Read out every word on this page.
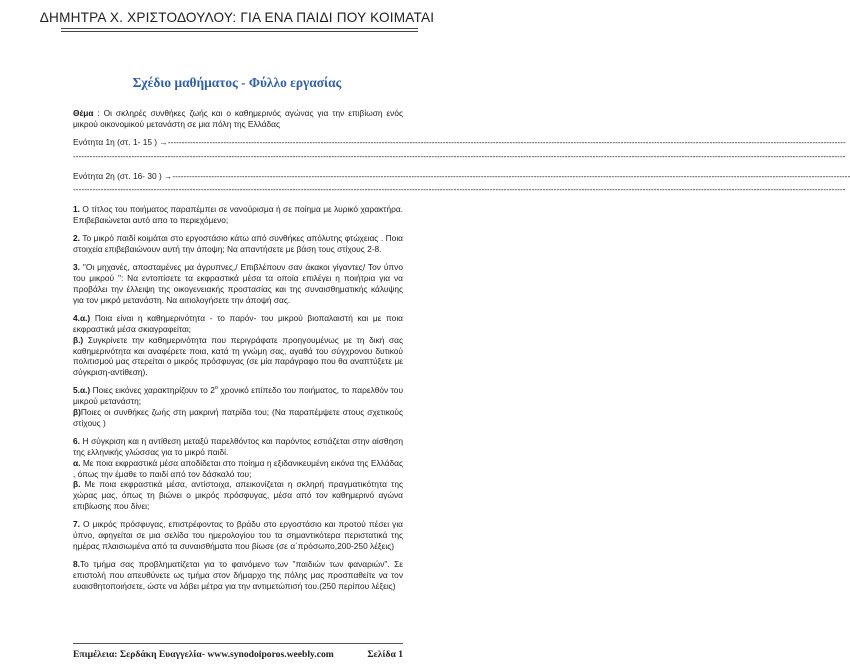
ΔΗΜΗΤΡΑ Χ. ΧΡΙΣΤΟΔΟΥΛΟΥ: ΓΙΑ ΕΝΑ ΠΑΙΔΙ ΠΟΥ ΚΟΙΜΑΤΑΙ
Σχέδιο μαθήματος - Φύλλο εργασίας

Θέμα : Οι σκληρές συνθήκες ζωής και ο καθημερινός αγώνας για την επιβίωση ενός μικρού οικονομικού μετανάστη σε μια πόλη της Ελλάδας

Ενότητα 1η (στ. 1- 15 ) →----------------------------------------------------------------------------------------------------------------------------------------------------------------------------------------------------------------------------------------------------
--------------------------------------------------------------------------------------------------------------------------------------------------------------------------------------------------------------------------------------------------------------------------------------
Ενότητα 2η (στ. 16- 30 ) →----------------------------------------------------------------------------------------------------------------------------------------------------------------------------------------------------------------------------------------------------
--------------------------------------------------------------------------------------------------------------------------------------------------------------------------------------------------------------------------------------------------------------------------------------

1. Ο τίτλος του ποιήματος παραπέμπει σε νανούρισμα ή σε ποίημα με λυρικό χαρακτήρα. Επιβεβαιώνεται αυτό απο το περιεχόμενο;

2. Το μικρό παιδί κοιμάται στο εργοστάσιο κάτω από συνθήκες απόλυτης φτώχειας . Ποια στοιχεία επιβεβαιώνουν αυτή την άποψη; Να απαντήσετε με βάση τους στίχους 2-8.

3. "Οι μηχανές, αποσταμένες μα άγρυπνες,/ Επιβλέπουν σαν άκακοι γίγαντες/ Τον ύπνο του μικρού ": Να εντοπίσετε τα εκφραστικά μέσα τα οποία επιλέγει η ποιήτρια για να προβάλει την έλλειψη της οικογενειακής προστασίας και της συναισθηματικής κάλυψης για τον μικρό μετανάστη. Να αιτιολογήσετε την άποψή σας.

4.α.) Ποια είναι η καθημερινότητα - το παρόν- του μικρού βιοπαλαιστή και με ποια εκφραστικά μέσα σκιαγραφείται;
β.) Συγκρίνετε την καθημερινότητα που περιγράφατε προηγουμένως με τη δική σας καθημερινότητα και αναφέρετε ποια, κατά τη γνώμη σας, αγαθά του σύγχρονου δυτικού πολιτισμού μας στερείται ο μικρός πρόσφυγας (σε μία παράγραφο που θα αναπτύξετε με σύγκριση-αντίθεση).

5.α.) Ποιες εικόνες χαρακτηρίζουν το $2^o$ χρονικό επίπεδο του ποιήματος, το παρελθόν του μικρού μετανάστη;
β)Ποιες οι συνθήκες ζωής στη μακρινή πατρίδα του; (Να παραπέμψετε στους σχετικούς στίχους )

6. Η σύγκριση και η αντίθεση μεταξύ παρελθόντος και παρόντος εστιάζεται στην αίσθηση της ελληνικής γλώσσας για το μικρό παιδί.
α. Με ποια εκφραστικά μέσα αποδίδεται στο ποίημα η εξιδανικευμένη εικόνα της Ελλάδας , όπως την έμαθε το παιδί από τον δάσκαλό του;
β. Με ποια εκφραστικά μέσα, αντίστοιχα, απεικονίζεται η σκληρή πραγματικότητα της χώρας μας, όπως τη βιώνει ο μικρός πρόσφυγας, μέσα από τον καθημερινό αγώνα επιβίωσης που δίνει;

7. Ο μικρός πρόσφυγας, επιστρέφοντας το βράδυ στο εργοστάσιο και προτού πέσει για ύπνο, αφηγείται σε μια σελίδα του ημερολογίου του τα σημαντικότερα περιστατικά της ημέρας πλαισιωμένα από τα συναισθήματα που βίωσε (σε α΄πρόσωπο,200-250 λέξεις)

8.Το τμήμα σας προβληματίζεται για το φαινόμενο των "παιδιών των φαναριών". Σε επιστολή που απευθύνετε ως τμήμα στον δήμαρχο της πόλης μας προσπαθείτε να τον ευαισθητοποιήσετε, ώστε να λάβει μέτρα για την αντιμετώπισή του.(250 περίπου λέξεις)

Επιμέλεια: Σερδάκη Ευαγγελία- www.synodoiporos.weebly.com	Σελίδα 1
